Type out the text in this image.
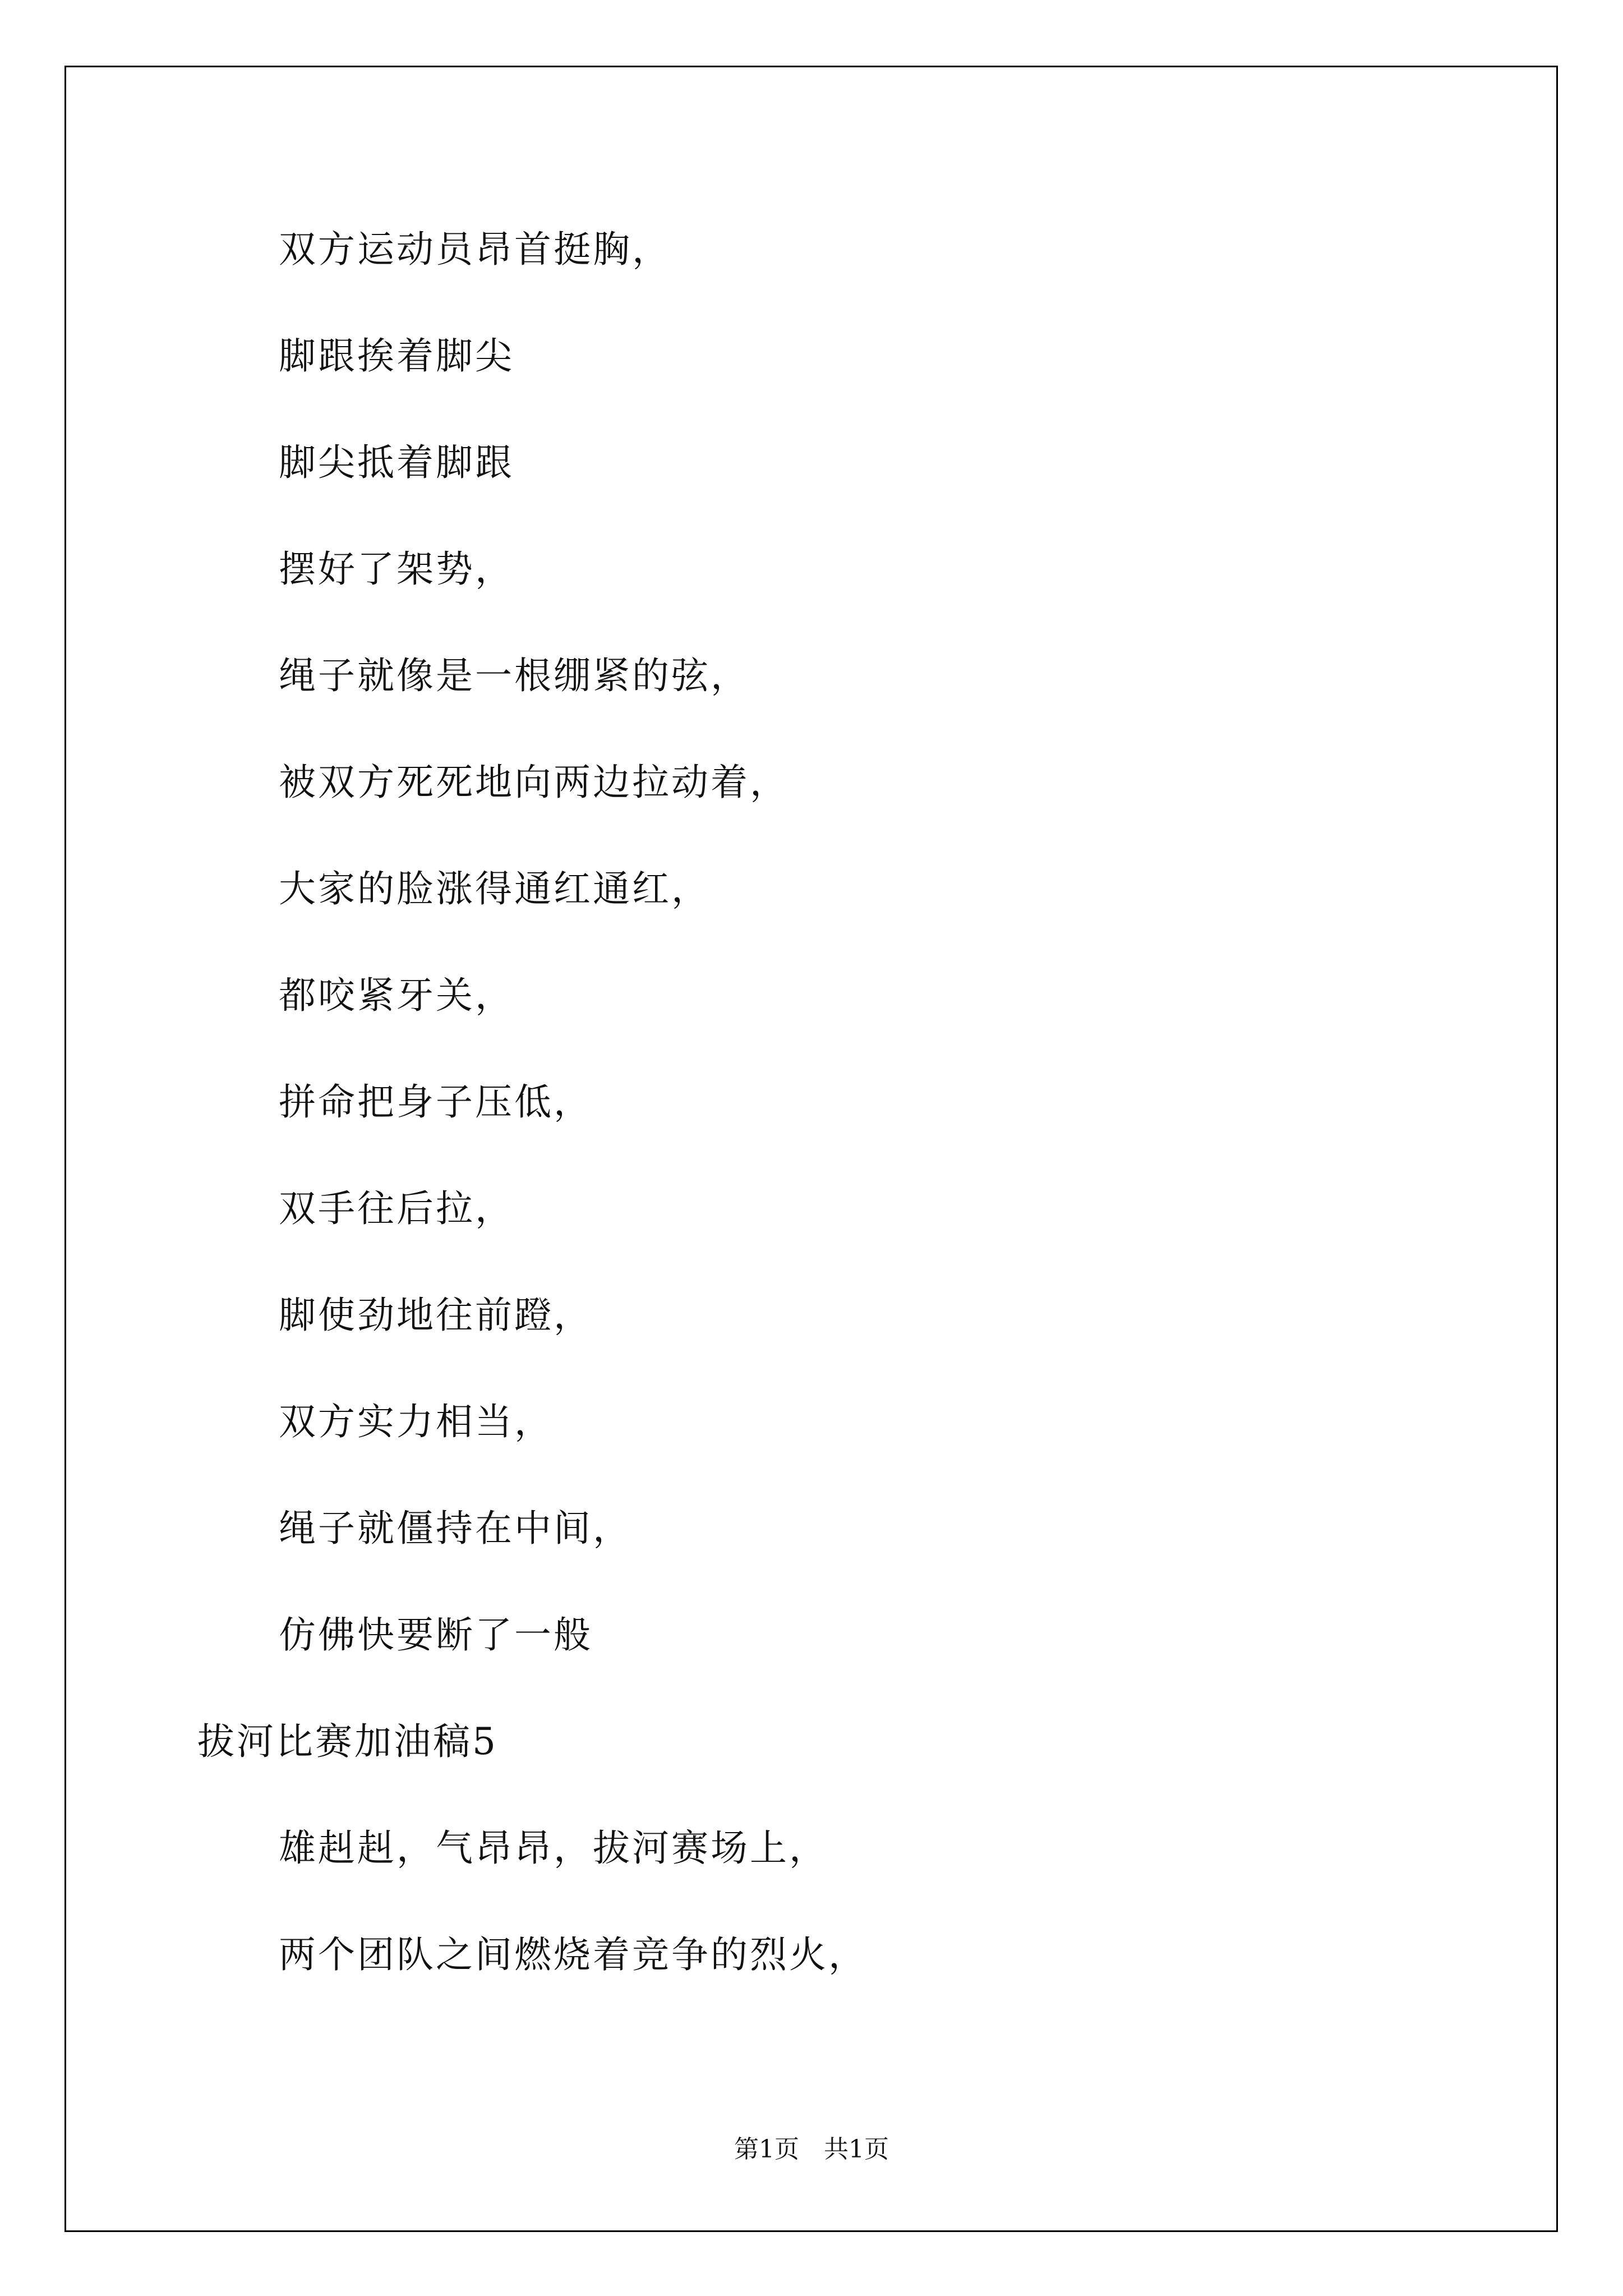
双方运动员昂首挺胸，
脚跟挨着脚尖
脚尖抵着脚跟
摆好了架势，
绳子就像是一根绷紧的弦，
被双方死死地向两边拉动着，
大家的脸涨得通红通红，
都咬紧牙关，
拼命把身子压低，
双手往后拉，
脚使劲地往前蹬，
双方实力相当，
绳子就僵持在中间，
仿佛快要断了一般
拔河比赛加油稿5
雄赳赳，气昂昂，拔河赛场上，
两个团队之间燃烧着竞争的烈火，
第1页　共1页
